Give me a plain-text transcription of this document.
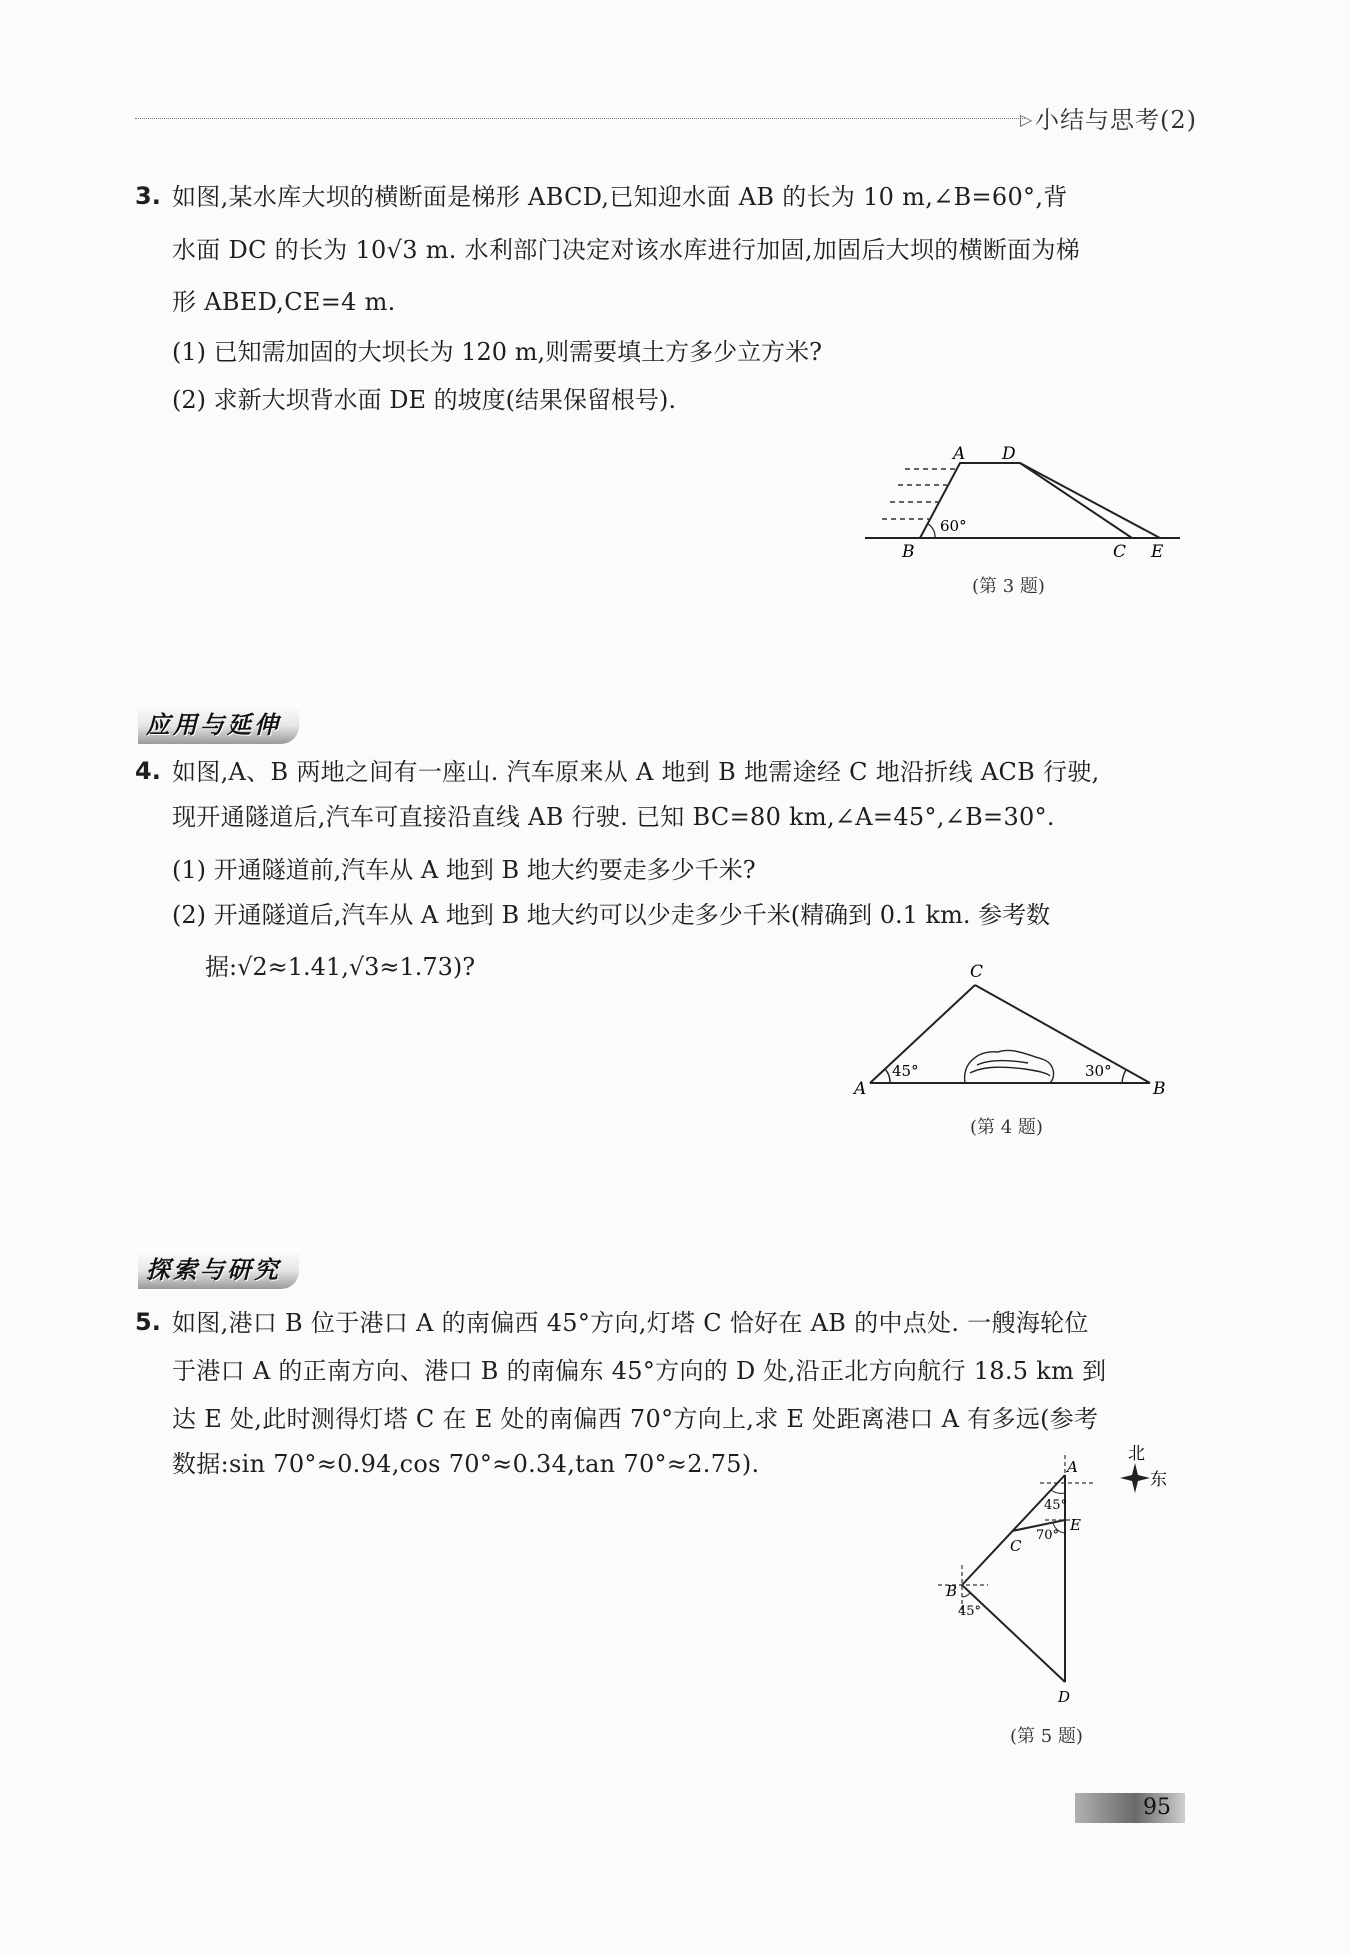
▷ 小结与思考(2)
3. 如图,某水库大坝的横断面是梯形 ABCD,已知迎水面 AB 的长为 10 m,∠B=60°,背
水面 DC 的长为 10√3 m. 水利部门决定对该水库进行加固,加固后大坝的横断面为梯
形 ABED,CE=4 m.
(1) 已知需加固的大坝长为 120 m,则需要填土方多少立方米?
(2) 求新大坝背水面 DE 的坡度(结果保留根号).
A D
60°
B	C E
(第 3 题)
应用与延伸
4. 如图,A、B 两地之间有一座山. 汽车原来从 A 地到 B 地需途经 C 地沿折线 ACB 行驶,
现开通隧道后,汽车可直接沿直线 AB 行驶. 已知 BC=80 km,∠A=45°,∠B=30°.
(1) 开通隧道前,汽车从 A 地到 B 地大约要走多少千米?
(2) 开通隧道后,汽车从 A 地到 B 地大约可以少走多少千米(精确到 0.1 km. 参考数
据:√2≈1.41,√3≈1.73)?	C
45°	30°
A	B
(第 4 题)
探索与研究
5. 如图,港口 B 位于港口 A 的南偏西 45°方向,灯塔 C 恰好在 AB 的中点处. 一艘海轮位
于港口 A 的正南方向、港口 B 的南偏东 45°方向的 D 处,沿正北方向航行 18.5 km 到
达 E 处,此时测得灯塔 C 在 E 处的南偏西 70°方向上,求 E 处距离港口 A 有多远(参考
数据:sin 70°≈0.94,cos 70°≈0.34,tan 70°≈2.75).	A
45°
E
70°
C
B
45°
D
北
东
(第 5 题)
95
